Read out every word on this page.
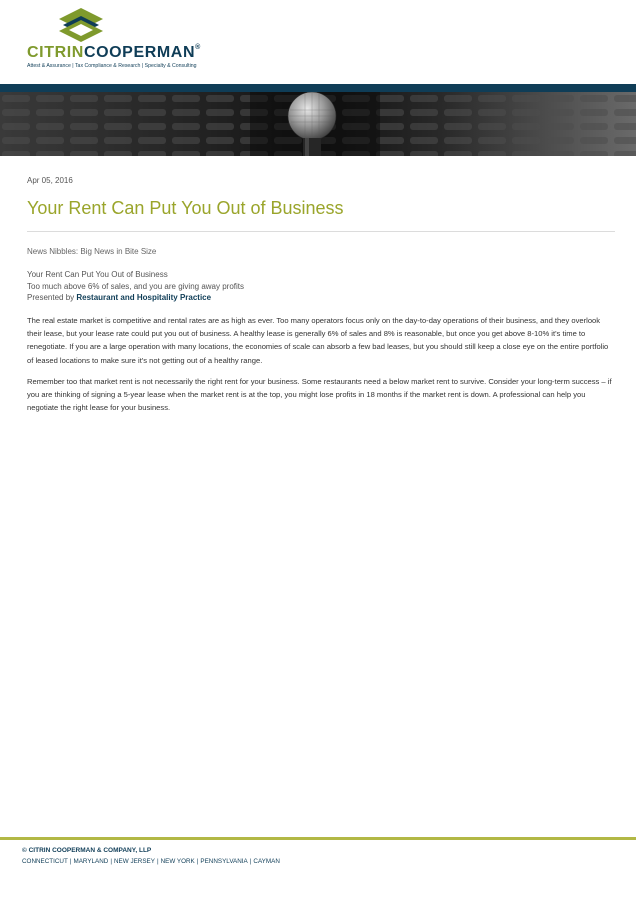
CITRINCOOPERMAN®
Attest & Assurance | Tax Compliance & Research | Specialty & Consulting
Apr 05, 2016
Your Rent Can Put You Out of Business
News Nibbles: Big News in Bite Size
Your Rent Can Put You Out of Business
Too much above 6% of sales, and you are giving away profits
Presented by Restaurant and Hospitality Practice

The real estate market is competitive and rental rates are as high as ever. Too many operators focus only on the day-to-day operations of their business, and they overlook their lease, but your lease rate could put you out of business. A healthy lease is generally 6% of sales and 8% is reasonable, but once you get above 8-10% it's time to renegotiate. If you are a large operation with many locations, the economies of scale can absorb a few bad leases, but you should still keep a close eye on the entire portfolio of leased locations to make sure it's not getting out of a healthy range.

Remember too that market rent is not necessarily the right rent for your business. Some restaurants need a below market rent to survive. Consider your long-term success – if you are thinking of signing a 5-year lease when the market rent is at the top, you might lose profits in 18 months if the market rent is down. A professional can help you negotiate the right lease for your business.

© CITRIN COOPERMAN & COMPANY, LLP
CONNECTICUT | MARYLAND | NEW JERSEY | NEW YORK | PENNSYLVANIA | CAYMAN
